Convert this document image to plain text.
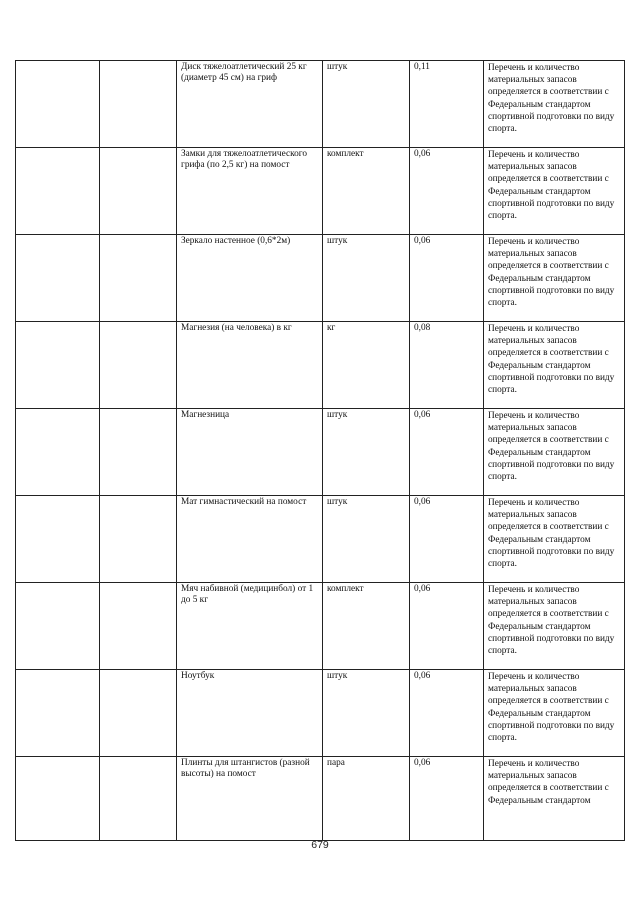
		Диск тяжелоатлетический 25 кг (диаметр 45 см) на гриф	штук	0,11	Перечень и количество материальных запасов определяется в соответствии с Федеральным стандартом спортивной подготовки по виду спорта.
		Замки для тяжелоатлетического грифа (по 2,5 кг) на помост	комплект	0,06	Перечень и количество материальных запасов определяется в соответствии с Федеральным стандартом спортивной подготовки по виду спорта.
		Зеркало настенное (0,6*2м)	штук	0,06	Перечень и количество материальных запасов определяется в соответствии с Федеральным стандартом спортивной подготовки по виду спорта.
		Магнезия (на человека) в кг	кг	0,08	Перечень и количество материальных запасов определяется в соответствии с Федеральным стандартом спортивной подготовки по виду спорта.
		Магнезница	штук	0,06	Перечень и количество материальных запасов определяется в соответствии с Федеральным стандартом спортивной подготовки по виду спорта.
		Мат гимнастический на помост	штук	0,06	Перечень и количество материальных запасов определяется в соответствии с Федеральным стандартом спортивной подготовки по виду спорта.
		Мяч набивной (медицинбол) от 1 до 5 кг	комплект	0,06	Перечень и количество материальных запасов определяется в соответствии с Федеральным стандартом спортивной подготовки по виду спорта.
		Ноутбук	штук	0,06	Перечень и количество материальных запасов определяется в соответствии с Федеральным стандартом спортивной подготовки по виду спорта.
		Плинты для штангистов (разной высоты) на помост	пара	0,06	Перечень и количество материальных запасов определяется в соответствии с Федеральным стандартом
679
